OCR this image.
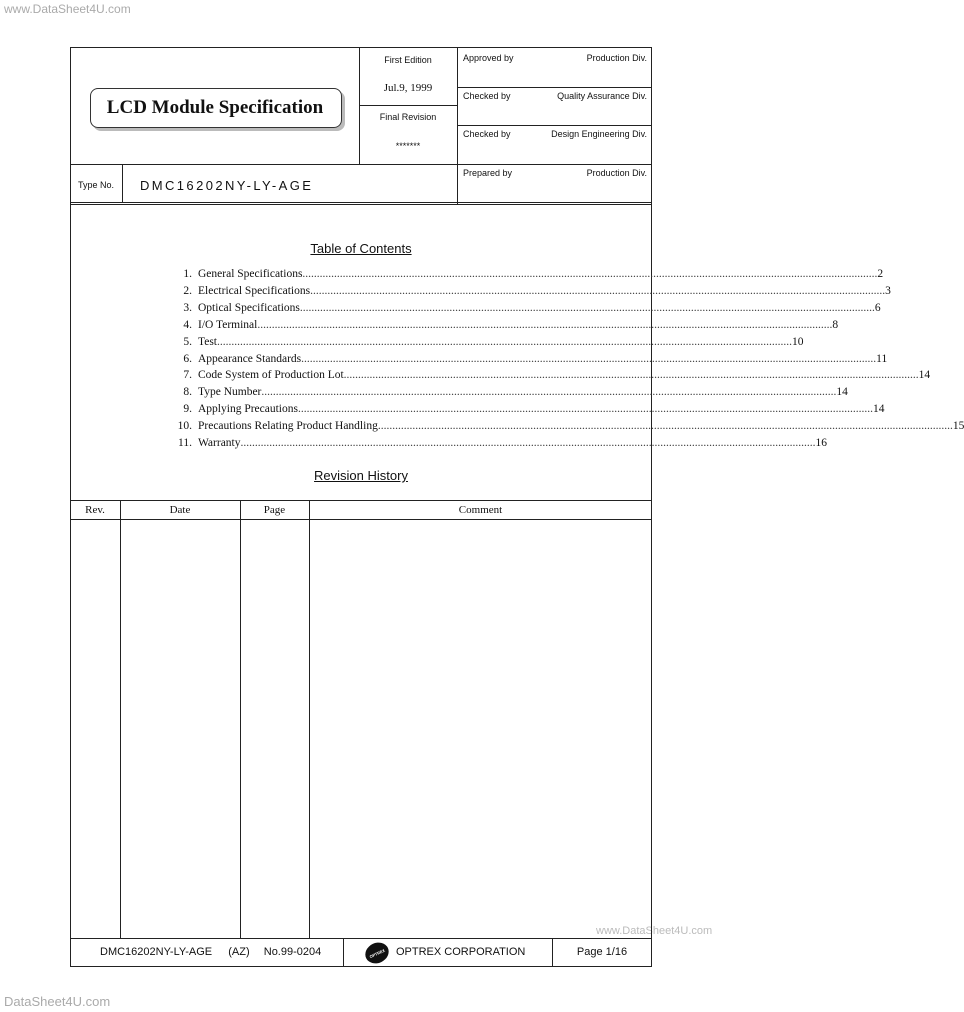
www.DataSheet4U.com
DataSheet4U.com
www.DataSheet4U.com
LCD Module Specification
First Edition
Jul.9, 1999
Final Revision
*******
Type No. DMC16202NY-LY-AGE
Approved by	Production Div.
Checked by	Quality Assurance Div.
Checked by	Design Engineering Div.
Prepared by	Production Div.
Table of Contents
1. General Specifications ........................................................................................................................................................................................................ 2
2. Electrical Specifications ........................................................................................................................................................................................................ 3
3. Optical Specifications ........................................................................................................................................................................................................ 6
4. I/O Terminal ........................................................................................................................................................................................................ 8
5. Test ........................................................................................................................................................................................................ 10
6. Appearance Standards ........................................................................................................................................................................................................ 11
7. Code System of Production Lot ........................................................................................................................................................................................................ 14
8. Type Number ........................................................................................................................................................................................................ 14
9. Applying Precautions ........................................................................................................................................................................................................ 14
10. Precautions Relating Product Handling ........................................................................................................................................................................................................ 15
11. Warranty ........................................................................................................................................................................................................ 16
Revision History
Rev.	Date	Page	Comment
DMC16202NY-LY-AGE (AZ) No.99-0204	OPTREX OPTREX CORPORATION	Page 1/16
